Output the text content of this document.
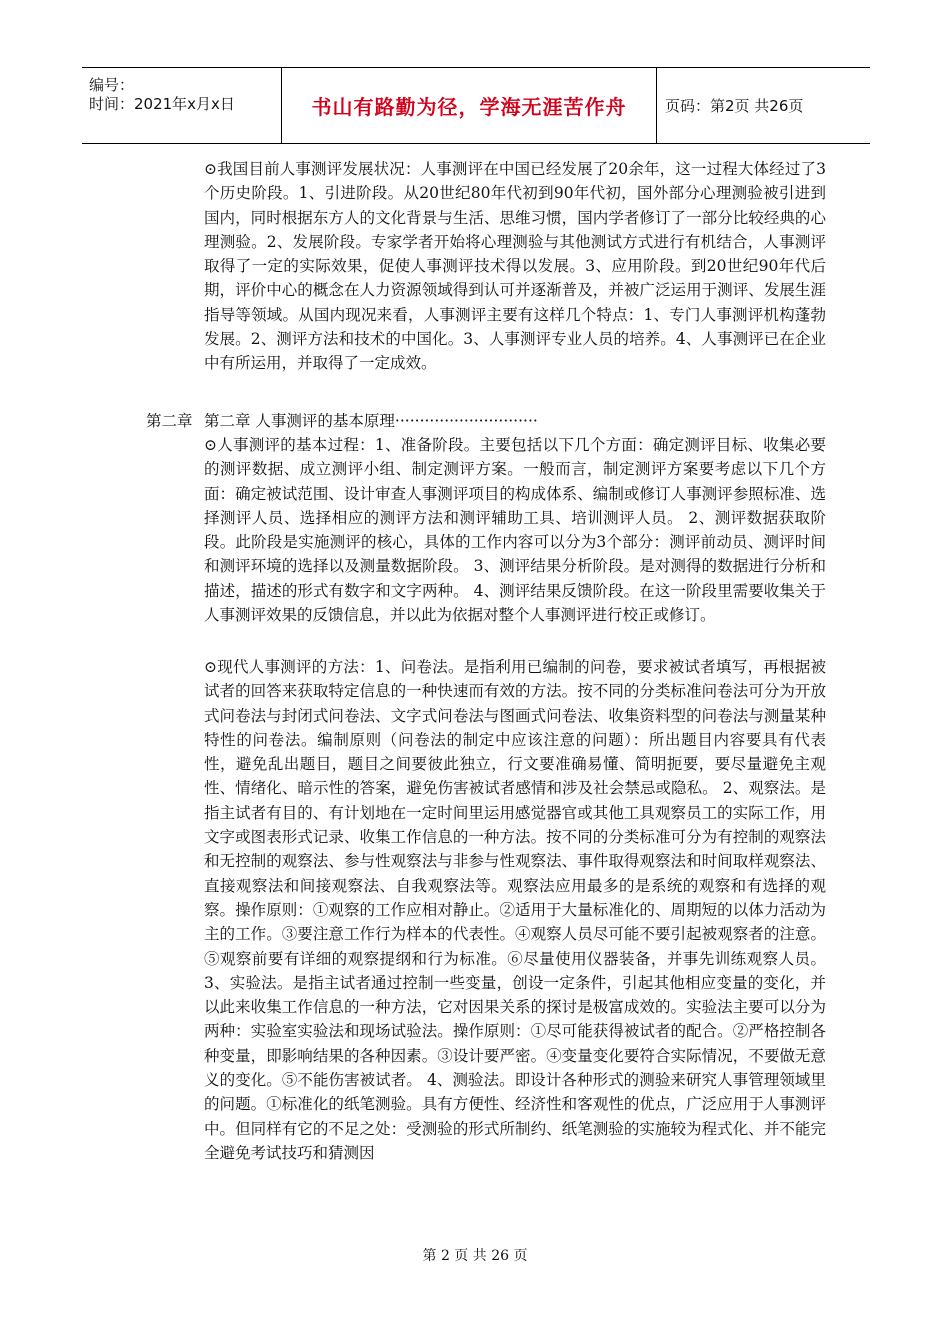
编号：
时间：2021年x月x日	书山有路勤为径，学海无涯苦作舟	页码：第2页 共26页
⊙我国目前人事测评发展状况：人事测评在中国已经发展了20余年，这一过程大体经过了3个历史阶段。1、引进阶段。从20世纪80年代初到90年代初，国外部分心理测验被引进到国内，同时根据东方人的文化背景与生活、思维习惯，国内学者修订了一部分比较经典的心理测验。2、发展阶段。专家学者开始将心理测验与其他测试方式进行有机结合，人事测评取得了一定的实际效果，促使人事测评技术得以发展。3、应用阶段。到20世纪90年代后期，评价中心的概念在人力资源领域得到认可并逐渐普及，并被广泛运用于测评、发展生涯指导等领域。从国内现况来看，人事测评主要有这样几个特点：1、专门人事测评机构蓬勃发展。2、测评方法和技术的中国化。3、人事测评专业人员的培养。4、人事测评已在企业中有所运用，并取得了一定成效。
第二章 第二章 人事测评的基本原理·····························
⊙人事测评的基本过程：1、准备阶段。主要包括以下几个方面：确定测评目标、收集必要的测评数据、成立测评小组、制定测评方案。一般而言，制定测评方案要考虑以下几个方面：确定被试范围、设计审查人事测评项目的构成体系、编制或修订人事测评参照标准、选择测评人员、选择相应的测评方法和测评辅助工具、培训测评人员。 2、测评数据获取阶段。此阶段是实施测评的核心，具体的工作内容可以分为3个部分：测评前动员、测评时间和测评环境的选择以及测量数据阶段。 3、测评结果分析阶段。是对测得的数据进行分析和描述，描述的形式有数字和文字两种。 4、测评结果反馈阶段。在这一阶段里需要收集关于人事测评效果的反馈信息，并以此为依据对整个人事测评进行校正或修订。
⊙现代人事测评的方法：1、问卷法。是指利用已编制的问卷，要求被试者填写，再根据被试者的回答来获取特定信息的一种快速而有效的方法。按不同的分类标准问卷法可分为开放式问卷法与封闭式问卷法、文字式问卷法与图画式问卷法、收集资料型的问卷法与测量某种特性的问卷法。编制原则（问卷法的制定中应该注意的问题）：所出题目内容要具有代表性，避免乱出题目，题目之间要彼此独立，行文要准确易懂、简明扼要，要尽量避免主观性、情绪化、暗示性的答案，避免伤害被试者感情和涉及社会禁忌或隐私。 2、观察法。是指主试者有目的、有计划地在一定时间里运用感觉器官或其他工具观察员工的实际工作，用文字或图表形式记录、收集工作信息的一种方法。按不同的分类标准可分为有控制的观察法和无控制的观察法、参与性观察法与非参与性观察法、事件取得观察法和时间取样观察法、直接观察法和间接观察法、自我观察法等。观察法应用最多的是系统的观察和有选择的观察。操作原则：①观察的工作应相对静止。②适用于大量标准化的、周期短的以体力活动为主的工作。③要注意工作行为样本的代表性。④观察人员尽可能不要引起被观察者的注意。⑤观察前要有详细的观察提纲和行为标准。⑥尽量使用仪器装备，并事先训练观察人员。 3、实验法。是指主试者通过控制一些变量，创设一定条件，引起其他相应变量的变化，并以此来收集工作信息的一种方法，它对因果关系的探讨是极富成效的。实验法主要可以分为两种：实验室实验法和现场试验法。操作原则：①尽可能获得被试者的配合。②严格控制各种变量，即影响结果的各种因素。③设计要严密。④变量变化要符合实际情况，不要做无意义的变化。⑤不能伤害被试者。 4、测验法。即设计各种形式的测验来研究人事管理领域里的问题。①标准化的纸笔测验。具有方便性、经济性和客观性的优点，广泛应用于人事测评中。但同样有它的不足之处：受测验的形式所制约、纸笔测验的实施较为程式化、并不能完全避免考试技巧和猜测因
第 2 页 共 26 页
